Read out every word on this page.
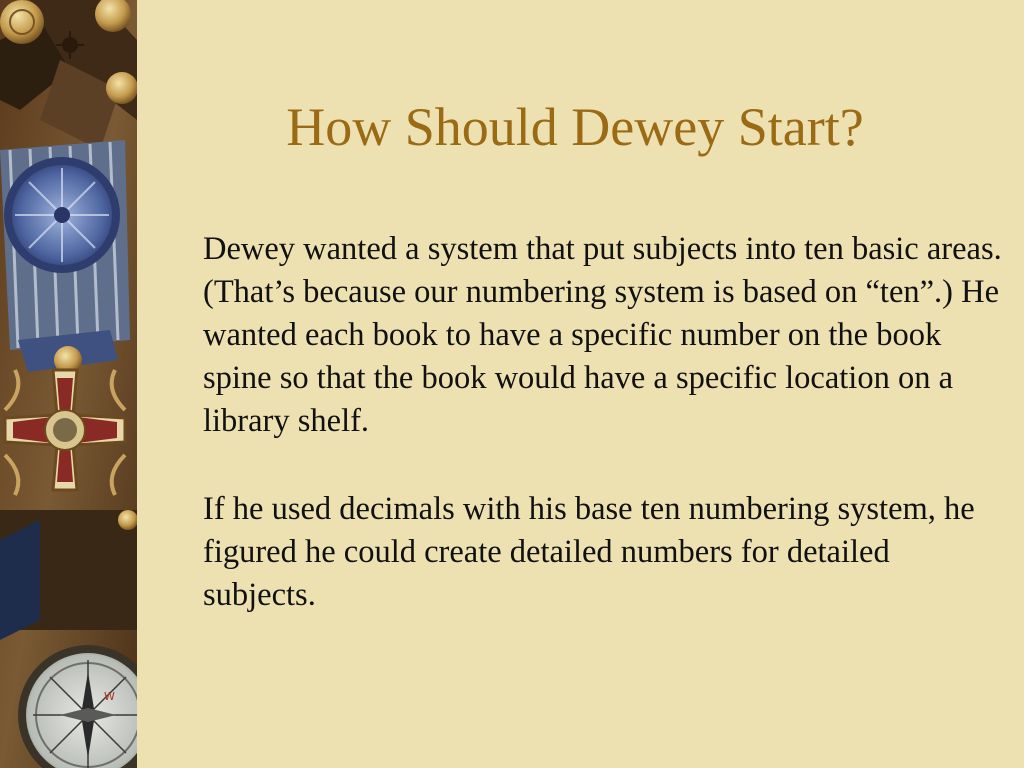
W
How Should Dewey Start?

Dewey wanted a system that put subjects into ten basic areas. (That’s because our numbering system is based on “ten”.) He wanted each book to have a specific number on the book spine so that the book would have a specific location on a library shelf.

If he used decimals with his base ten numbering system, he figured he could create detailed numbers for detailed subjects.
